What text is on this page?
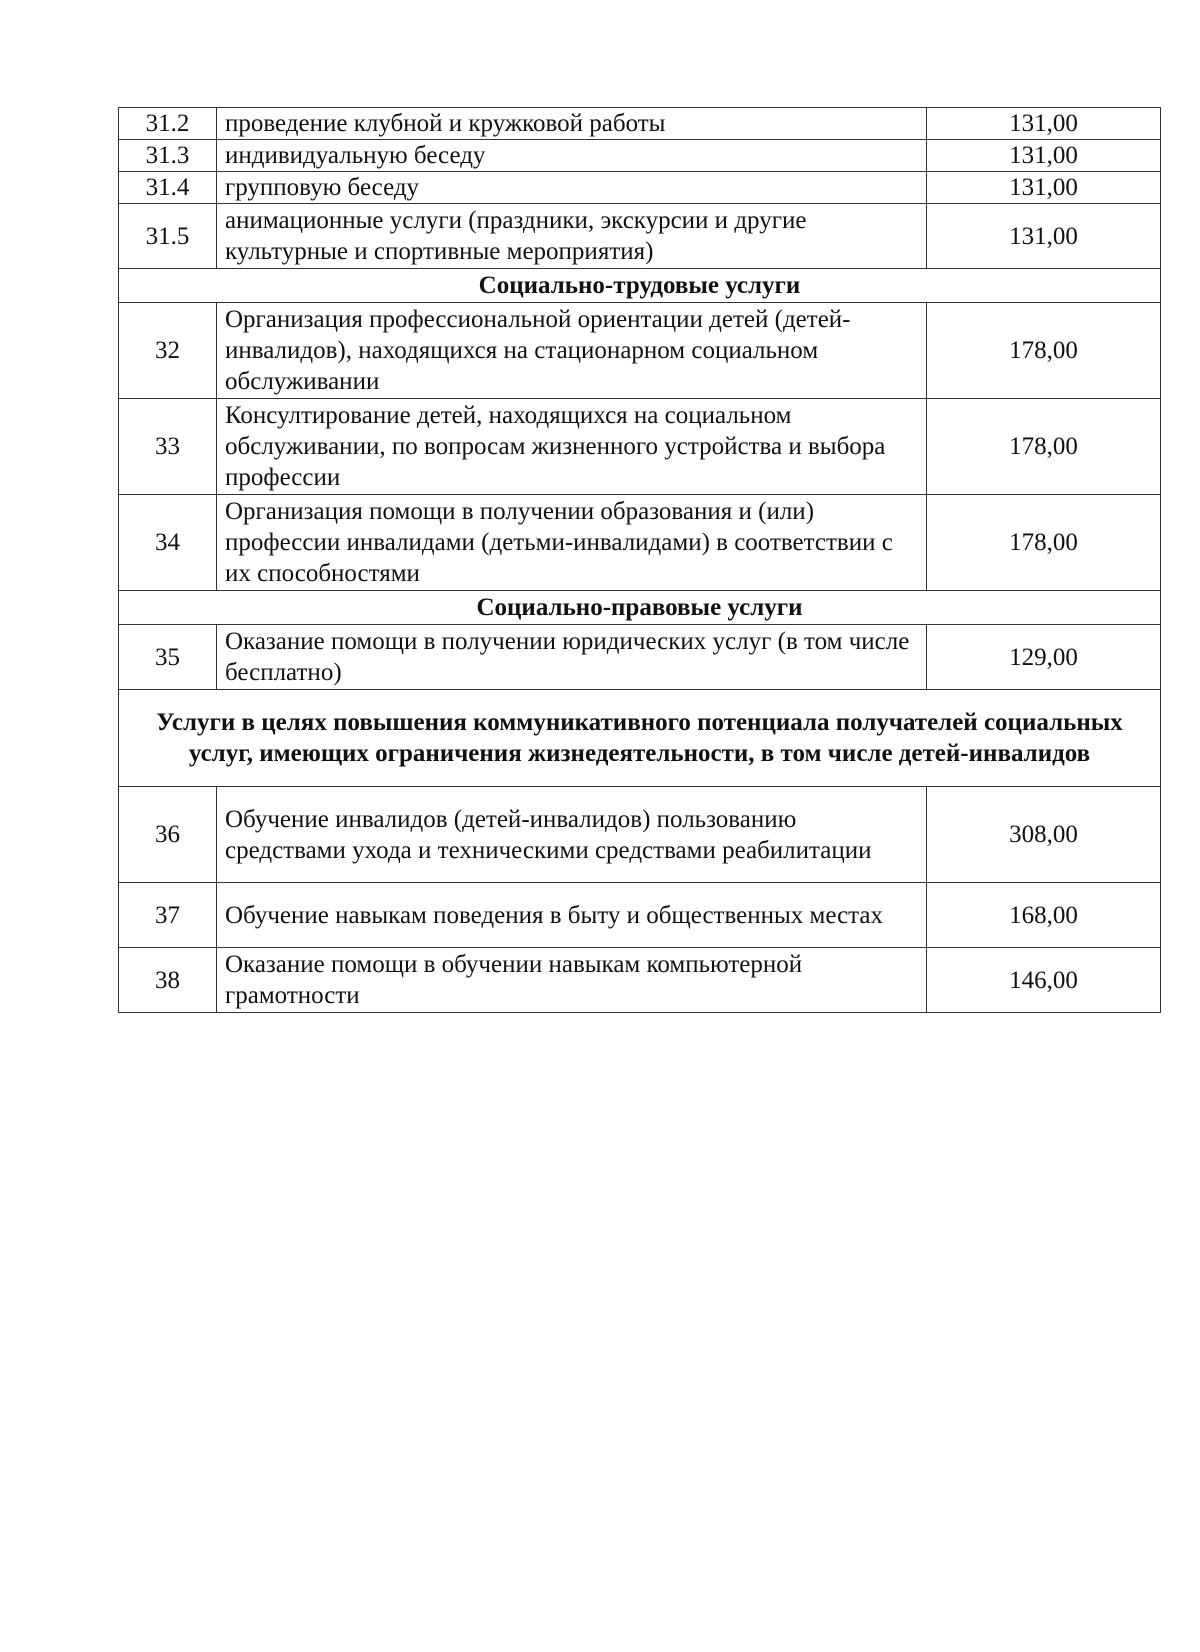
31.2	проведение клубной и кружковой работы	131,00
31.3	индивидуальную беседу	131,00
31.4	групповую беседу	131,00
31.5	анимационные услуги (праздники, экскурсии и другие культурные и спортивные мероприятия)	131,00
Социально-трудовые услуги		
32	Организация профессиональной ориентации детей (детей-инвалидов), находящихся на стационарном социальном обслуживании	178,00
33	Консултирование детей, находящихся на социальном обслуживании, по вопросам жизненного устройства и выбора профессии	178,00
34	Организация помощи в получении образования и (или) профессии инвалидами (детьми-инвалидами) в соответствии с их способностями	178,00
Социально-правовые услуги		
35	Оказание помощи в получении юридических услуг (в том числе бесплатно)	129,00
Услуги в целях повышения коммуникативного потенциала получателей социальных услуг, имеющих ограничения жизнедеятельности, в том числе детей-инвалидов		
36	Обучение инвалидов (детей-инвалидов) пользованию средствами ухода и техническими средствами реабилитации	308,00
37	Обучение навыкам поведения в быту и общественных местах	168,00
38	Оказание помощи в обучении навыкам компьютерной грамотности	146,00
